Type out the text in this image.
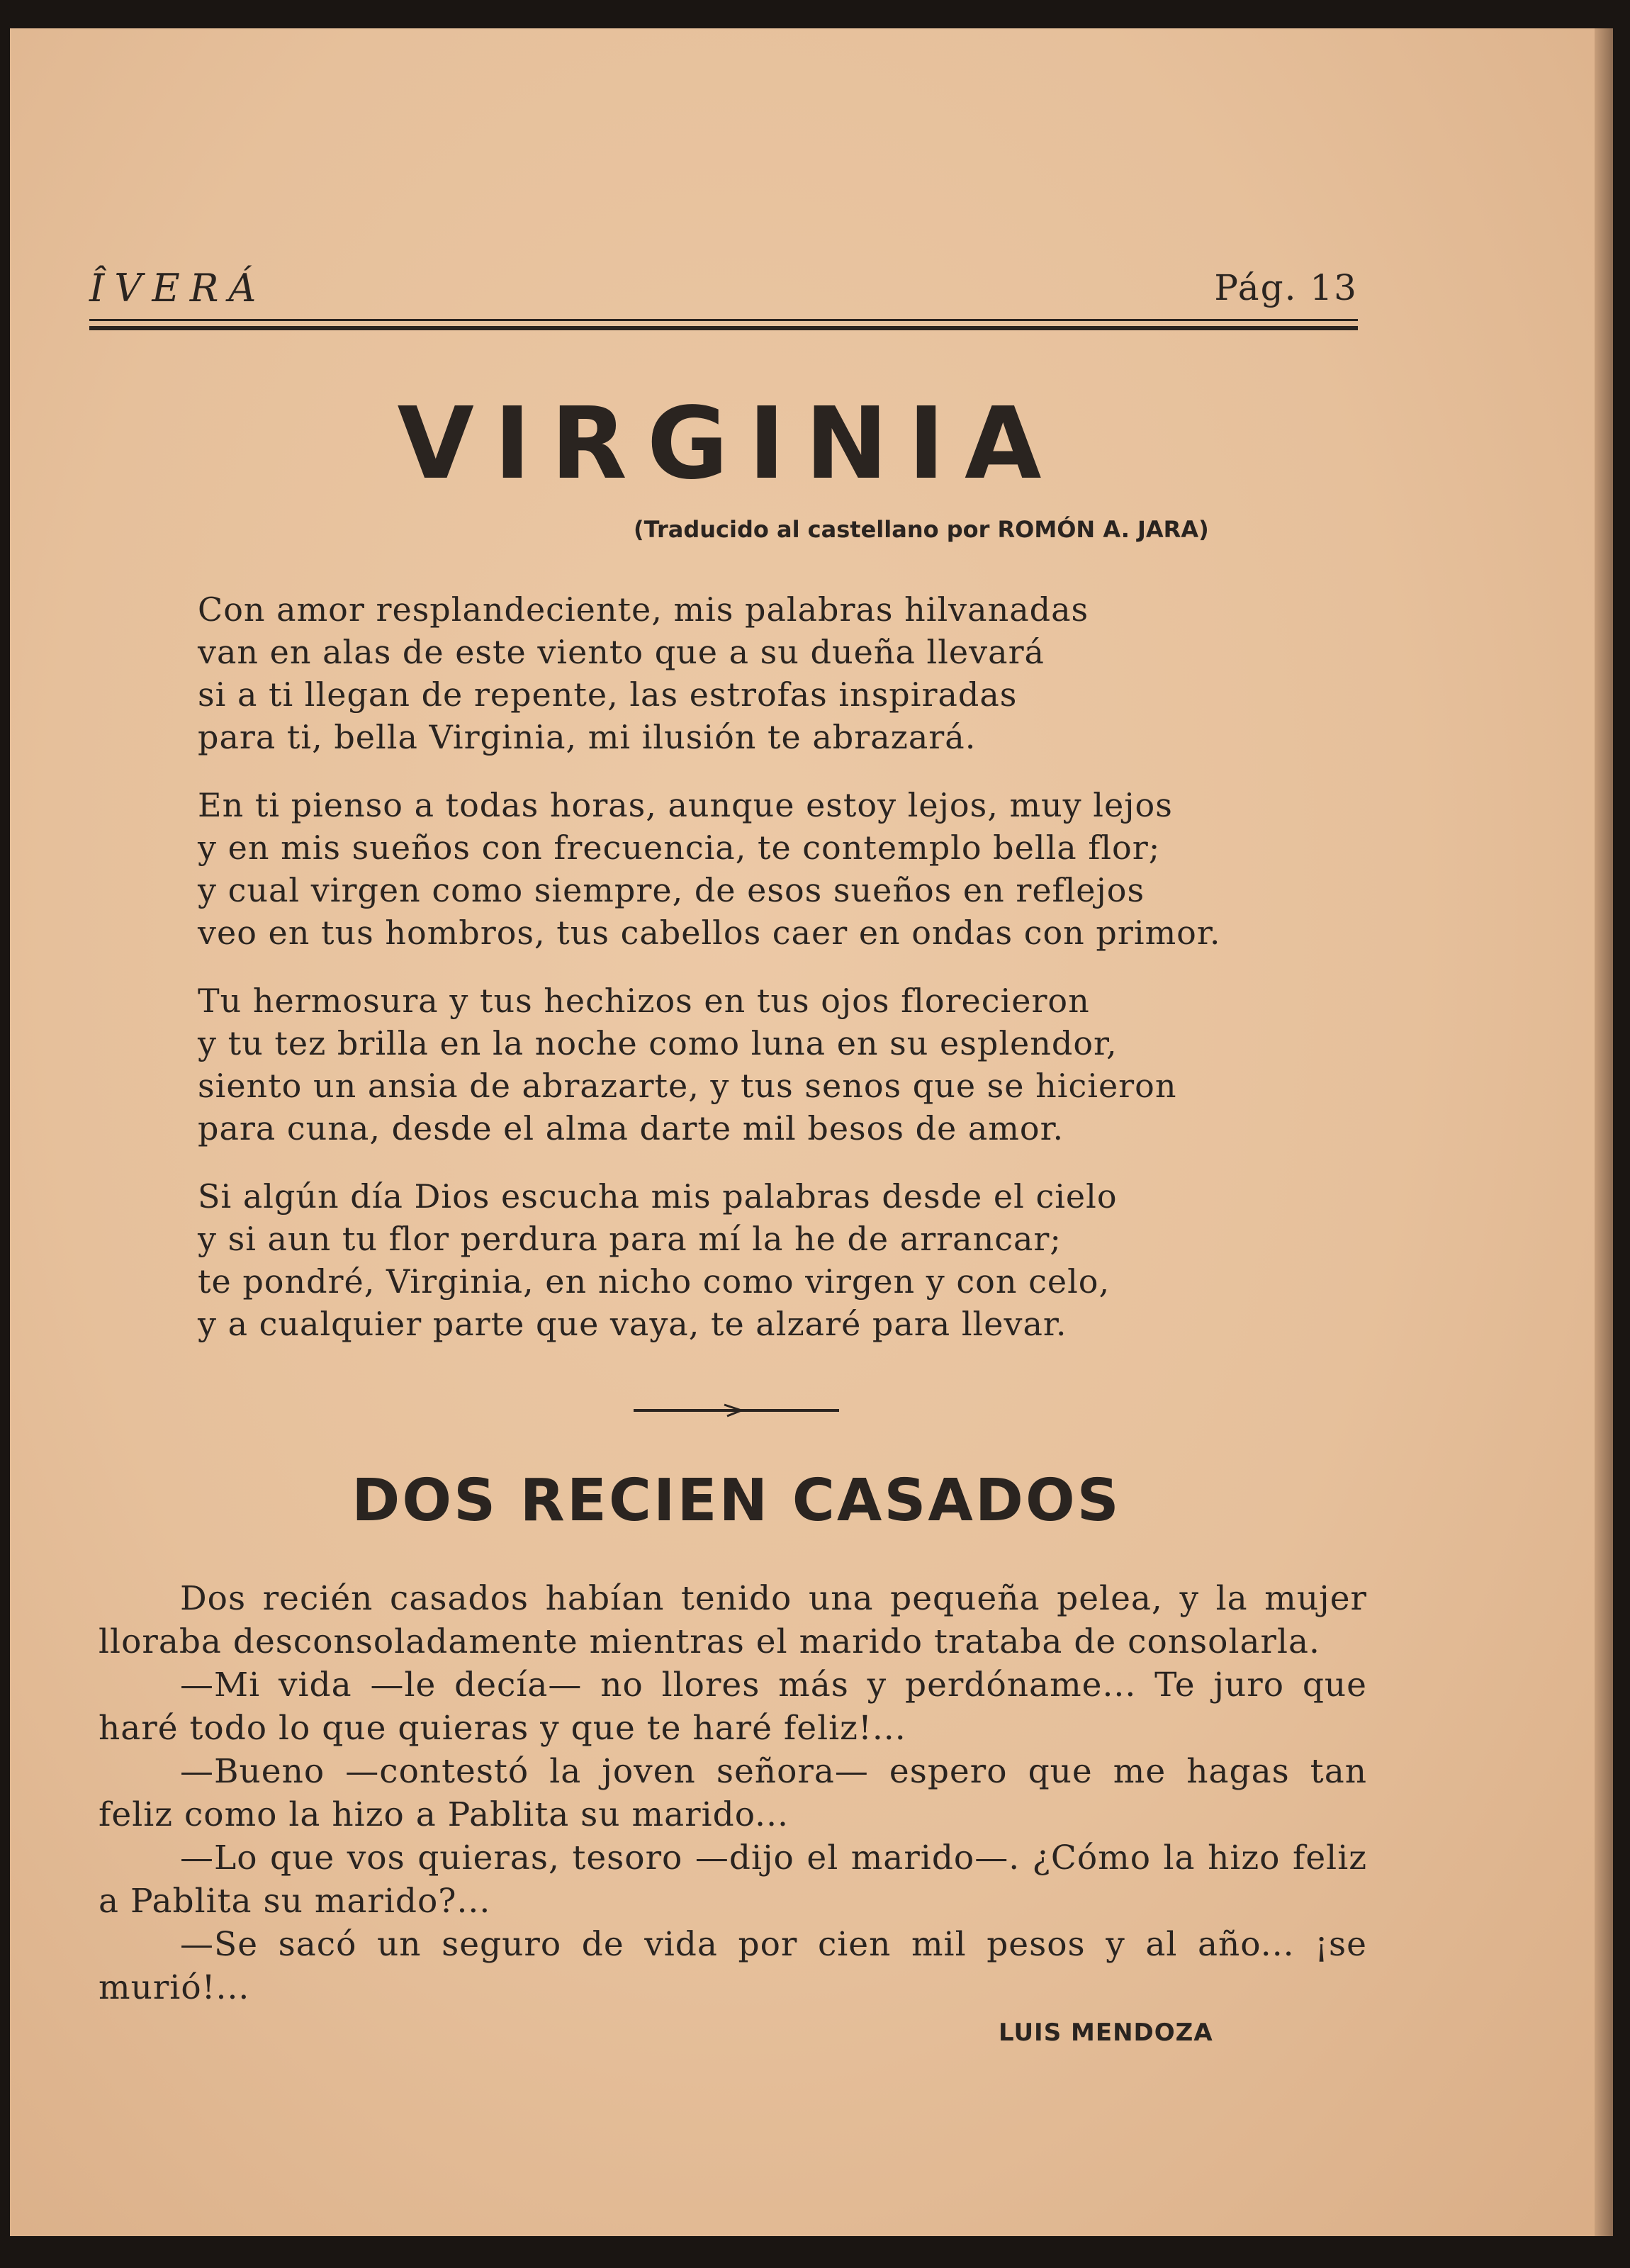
ÎVERÁ	Pág. 13
VIRGINIA
(Traducido al castellano por ROMÓN A. JARA)
Con amor resplandeciente, mis palabras hilvanadas
van en alas de este viento que a su dueña llevará
si a ti llegan de repente, las estrofas inspiradas
para ti, bella Virginia, mi ilusión te abrazará.
En ti pienso a todas horas, aunque estoy lejos, muy lejos
y en mis sueños con frecuencia, te contemplo bella flor;
y cual virgen como siempre, de esos sueños en reflejos
veo en tus hombros, tus cabellos caer en ondas con primor.
Tu hermosura y tus hechizos en tus ojos florecieron
y tu tez brilla en la noche como luna en su esplendor,
siento un ansia de abrazarte, y tus senos que se hicieron
para cuna, desde el alma darte mil besos de amor.
Si algún día Dios escucha mis palabras desde el cielo
y si aun tu flor perdura para mí la he de arrancar;
te pondré, Virginia, en nicho como virgen y con celo,
y a cualquier parte que vaya, te alzaré para llevar.
DOS RECIEN CASADOS

Dos recién casados habían tenido una pequeña pelea, y la mujer lloraba desconsoladamente mientras el marido trataba de consolarla.

—Mi vida —le decía— no llores más y perdóname... Te juro que haré todo lo que quieras y que te haré feliz!...

—Bueno —contestó la joven señora— espero que me hagas tan feliz como la hizo a Pablita su marido...

—Lo que vos quieras, tesoro —dijo el marido—. ¿Cómo la hizo feliz a Pablita su marido?...

—Se sacó un seguro de vida por cien mil pesos y al año... ¡se murió!...

LUIS MENDOZA
